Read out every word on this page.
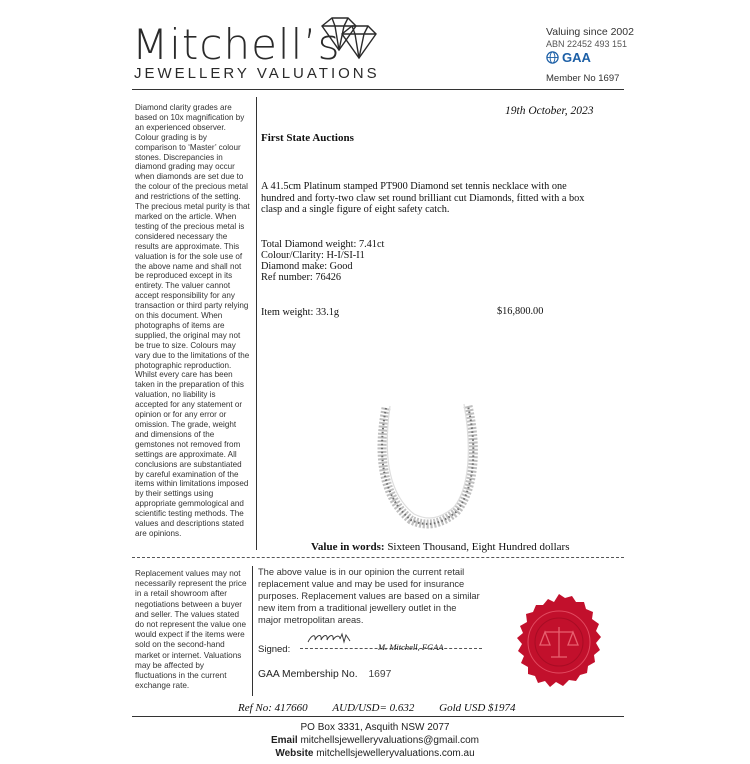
Mitchell’s
JEWELLERY VALUATIONS
Valuing since 2002
ABN 22452 493 151
GAA
Member No 1697
Diamond clarity grades are based on 10x magnification by an experienced observer. Colour grading is by comparison to ‘Master’ colour stones. Discrepancies in diamond grading may occur when diamonds are set due to the colour of the precious metal and restrictions of the setting. The precious metal purity is that marked on the article. When testing of the precious metal is considered necessary the results are approximate. This valuation is for the sole use of the above name and shall not be reproduced except in its entirety. The valuer cannot accept responsibility for any transaction or third party relying on this document. When photographs of items are supplied, the original may not be true to size. Colours may vary due to the limitations of the photographic reproduction. Whilst every care has been taken in the preparation of this valuation, no liability is accepted for any statement or opinion or for any error or omission. The grade, weight and dimensions of the gemstones not removed from settings are approximate. All conclusions are substantiated by careful examination of the items within limitations imposed by their settings using appropriate gemmological and scientific testing methods. The values and descriptions stated are opinions.
19th October, 2023
First State Auctions
A 41.5cm Platinum stamped PT900 Diamond set tennis necklace with one hundred and forty-two claw set round brilliant cut Diamonds, fitted with a box clasp and a single figure of eight safety catch.
Total Diamond weight: 7.41ct
Colour/Clarity: H-I/SI-I1
Diamond make: Good
Ref number: 76426
Item weight: 33.1g	$16,800.00
Value in words: Sixteen Thousand, Eight Hundred dollars
Replacement values may not necessarily represent the price in a retail showroom after negotiations between a buyer and seller. The values stated do not represent the value one would expect if the items were sold on the second-hand market or internet. Valuations may be affected by fluctuations in the current exchange rate.
The above value is in our opinion the current retail replacement value and may be used for insurance purposes. Replacement values are based on a similar new item from a traditional jewellery outlet in the major metropolitan areas.
Signed:	M. Mitchell, FGAA
GAA Membership No. 1697
Ref No: 417660 AUD/USD= 0.632 Gold USD $1974
PO Box 3331, Asquith NSW 2077
Email mitchellsjewelleryvaluations@gmail.com
Website mitchellsjewelleryvaluations.com.au
